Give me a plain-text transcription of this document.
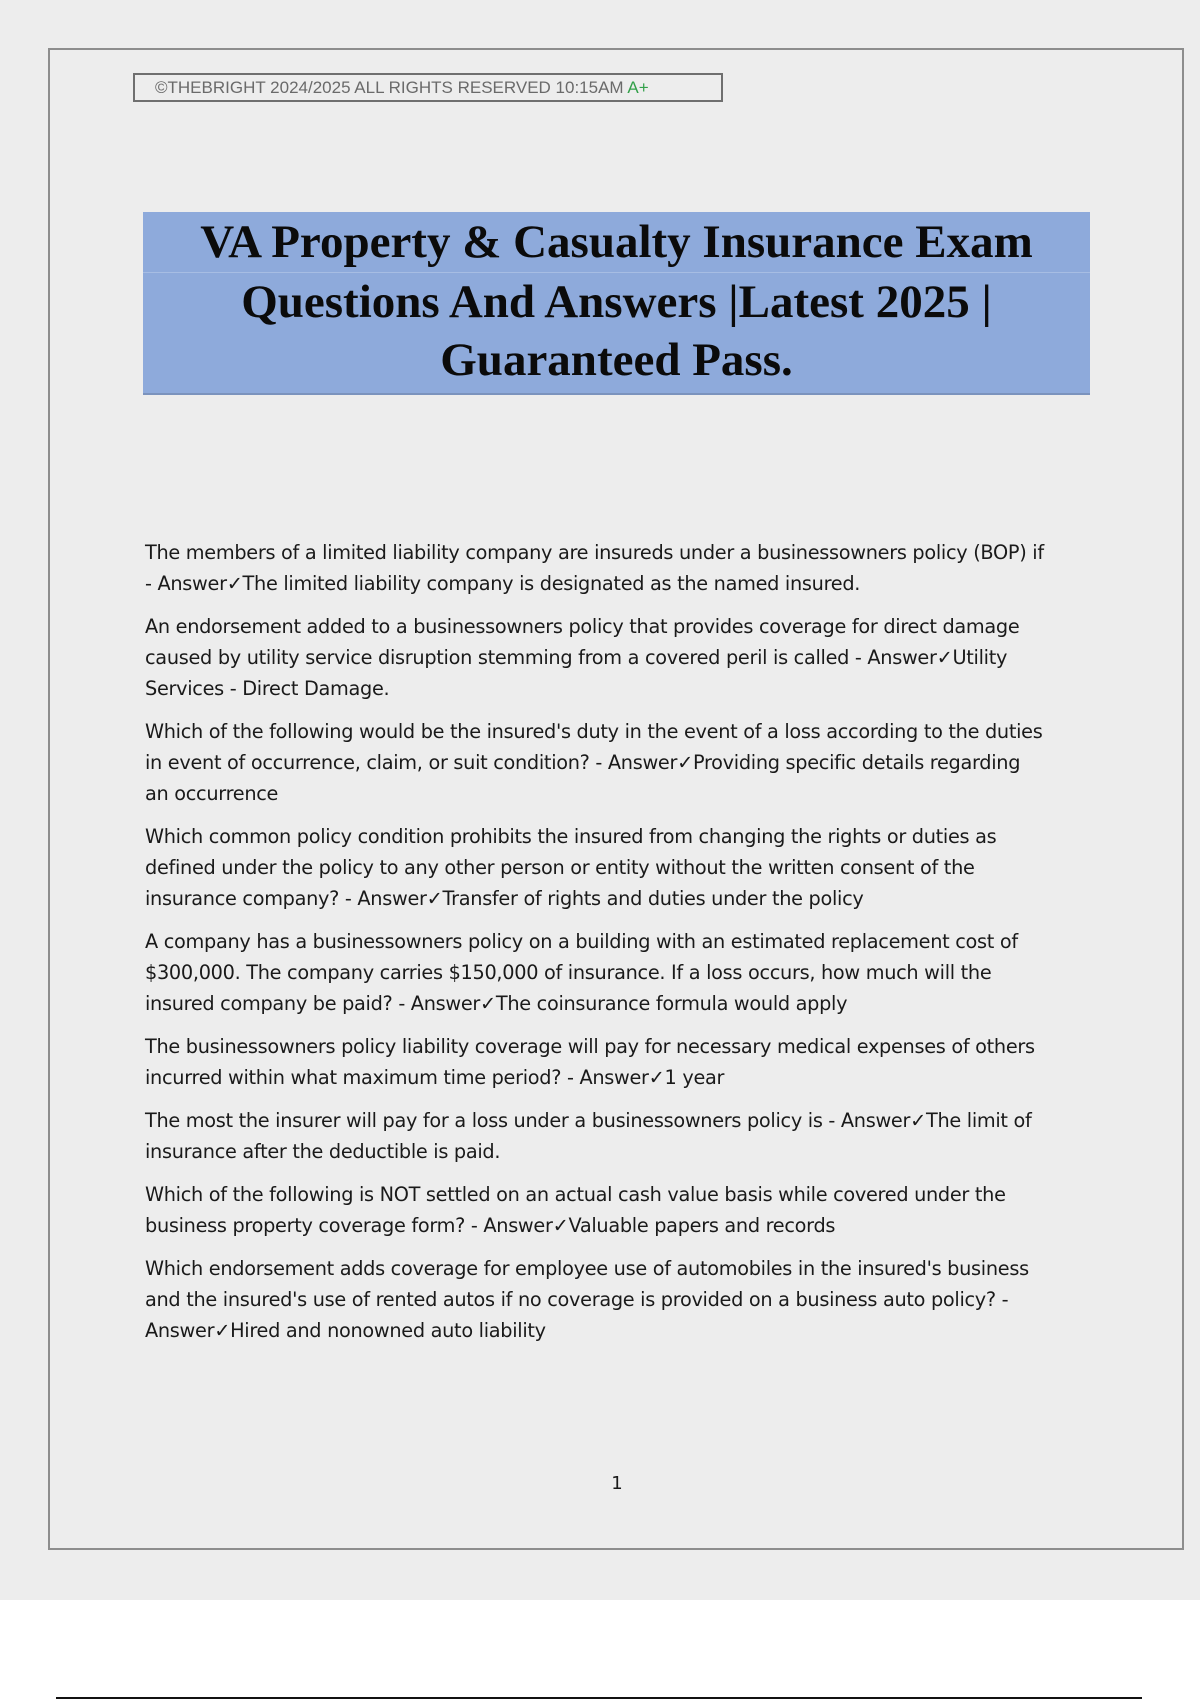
©THEBRIGHT 2024/2025 ALL RIGHTS RESERVED 10:15AM A+
VA Property & Casualty Insurance Exam
Questions And Answers |Latest 2025 |
Guaranteed Pass.
The members of a limited liability company are insureds under a businessowners policy (BOP) if
- Answer✓The limited liability company is designated as the named insured.
An endorsement added to a businessowners policy that provides coverage for direct damage
caused by utility service disruption stemming from a covered peril is called - Answer✓Utility
Services - Direct Damage.
Which of the following would be the insured's duty in the event of a loss according to the duties
in event of occurrence, claim, or suit condition? - Answer✓Providing specific details regarding
an occurrence
Which common policy condition prohibits the insured from changing the rights or duties as
defined under the policy to any other person or entity without the written consent of the
insurance company? - Answer✓Transfer of rights and duties under the policy
A company has a businessowners policy on a building with an estimated replacement cost of
$300,000. The company carries $150,000 of insurance. If a loss occurs, how much will the
insured company be paid? - Answer✓The coinsurance formula would apply
The businessowners policy liability coverage will pay for necessary medical expenses of others
incurred within what maximum time period? - Answer✓1 year
The most the insurer will pay for a loss under a businessowners policy is - Answer✓The limit of
insurance after the deductible is paid.
Which of the following is NOT settled on an actual cash value basis while covered under the
business property coverage form? - Answer✓Valuable papers and records
Which endorsement adds coverage for employee use of automobiles in the insured's business
and the insured's use of rented autos if no coverage is provided on a business auto policy? -
Answer✓Hired and nonowned auto liability
1
